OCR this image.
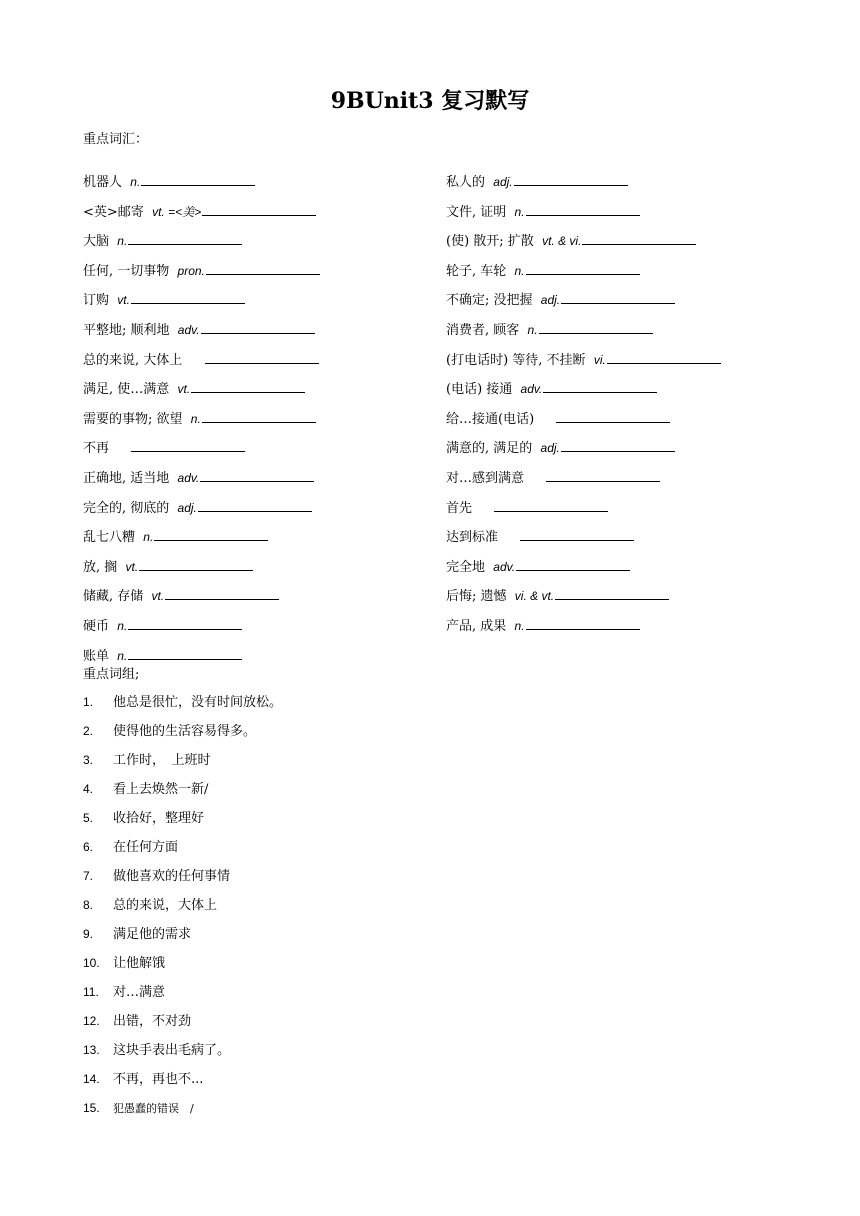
9BUnit3 复习默写
重点词汇：
机器人 n.
<英>邮寄 vt. =<美>
大脑 n.
任何, 一切事物 pron.
订购 vt.
平整地; 顺利地 adv.
总的来说, 大体上
满足, 使…满意 vt.
需要的事物; 欲望 n.
不再
正确地, 适当地 adv.
完全的, 彻底的 adj.
乱七八糟 n.
放, 搁 vt.
储藏, 存储 vt.
硬币 n.
账单 n.
私人的 adj.
文件, 证明 n.
(使) 散开; 扩散 vt. & vi.
轮子, 车轮 n.
不确定; 没把握 adj.
消费者, 顾客 n.
(打电话时) 等待, 不挂断 vi.
(电话) 接通 adv.
给…接通(电话)
满意的, 满足的 adj.
对…感到满意
首先
达到标准
完全地 adv.
后悔; 遗憾 vi. & vt.
产品, 成果 n.
重点词组;
1. 他总是很忙，没有时间放松。
2. 使得他的生活容易得多。
3. 工作时，　上班时
4. 看上去焕然一新/
5. 收拾好，整理好
6. 在任何方面
7. 做他喜欢的任何事情
8. 总的来说，大体上
9. 满足他的需求
10. 让他解饿
11. 对…满意
12. 出错，不对劲
13. 这块手表出毛病了。
14. 不再，再也不...
15. 犯愚蠢的错误　/
